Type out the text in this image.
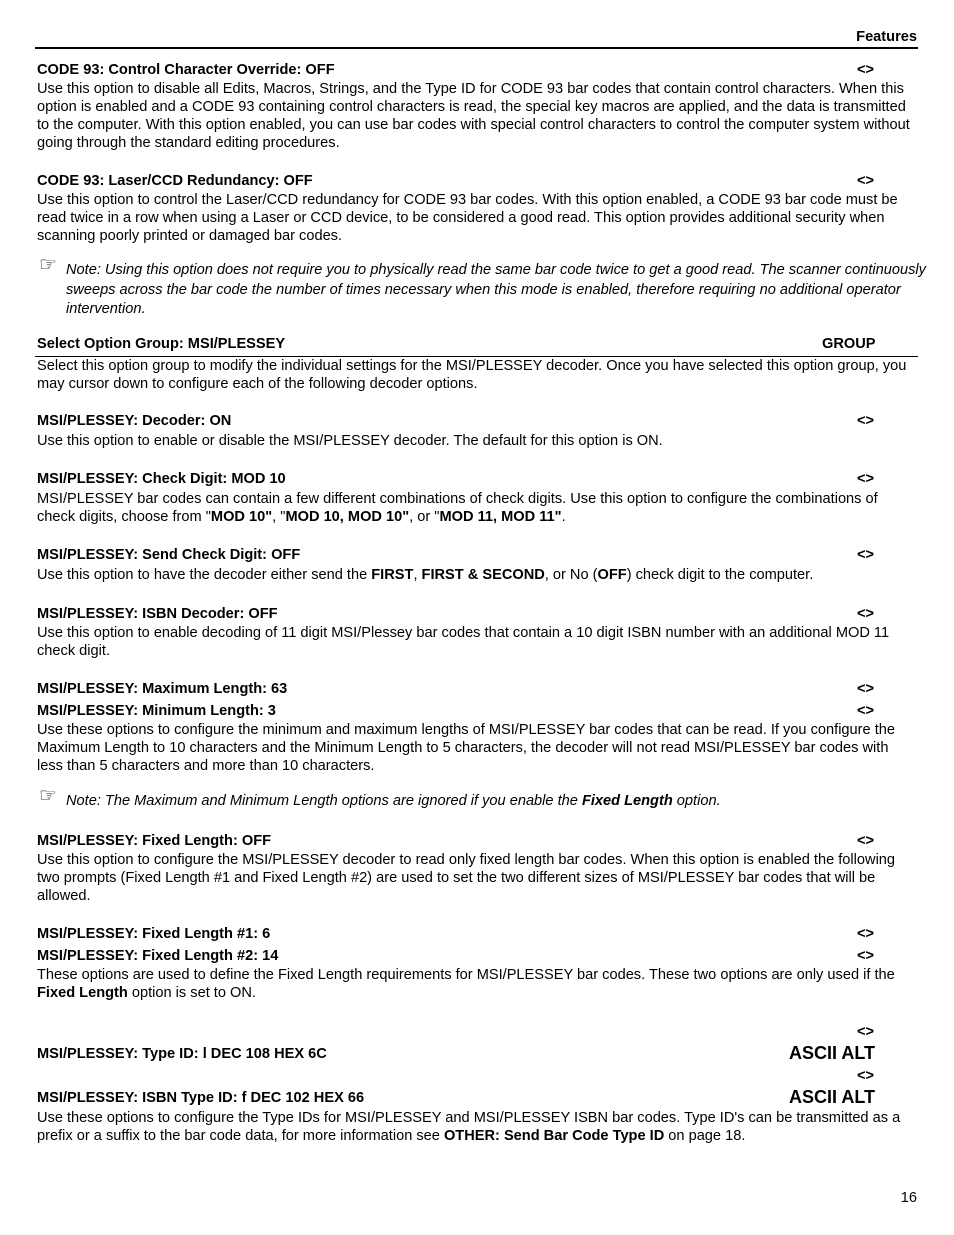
Features
CODE 93: Control Character Override: OFF	<>
Use this option to disable all Edits, Macros, Strings, and the Type ID for CODE 93 bar codes that contain control characters. When this option is enabled and a CODE 93 containing control characters is read, the special key macros are applied, and the data is transmitted to the computer. With this option enabled, you can use bar codes with special control characters to control the computer system without going through the standard editing procedures.
CODE 93: Laser/CCD Redundancy: OFF	<>
Use this option to control the Laser/CCD redundancy for CODE 93 bar codes. With this option enabled, a CODE 93 bar code must be read twice in a row when using a Laser or CCD device, to be considered a good read. This option provides additional security when scanning poorly printed or damaged bar codes.
☞ Note: Using this option does not require you to physically read the same bar code twice to get a good read. The scanner continuously sweeps across the bar code the number of times necessary when this mode is enabled, therefore requiring no additional operator intervention.
Select Option Group: MSI/PLESSEY	GROUP
Select this option group to modify the individual settings for the MSI/PLESSEY decoder. Once you have selected this option group, you may cursor down to configure each of the following decoder options.
MSI/PLESSEY: Decoder: ON	<>
Use this option to enable or disable the MSI/PLESSEY decoder. The default for this option is ON.
MSI/PLESSEY: Check Digit: MOD 10	<>
MSI/PLESSEY bar codes can contain a few different combinations of check digits. Use this option to configure the combinations of check digits, choose from "MOD 10", "MOD 10, MOD 10", or "MOD 11, MOD 11".
MSI/PLESSEY: Send Check Digit: OFF	<>
Use this option to have the decoder either send the FIRST, FIRST & SECOND, or No (OFF) check digit to the computer.
MSI/PLESSEY: ISBN Decoder: OFF	<>
Use this option to enable decoding of 11 digit MSI/Plessey bar codes that contain a 10 digit ISBN number with an additional MOD 11 check digit.
MSI/PLESSEY: Maximum Length: 63	<>
MSI/PLESSEY: Minimum Length: 3	<>
Use these options to configure the minimum and maximum lengths of MSI/PLESSEY bar codes that can be read. If you configure the Maximum Length to 10 characters and the Minimum Length to 5 characters, the decoder will not read MSI/PLESSEY bar codes with less than 5 characters and more than 10 characters.
☞ Note: The Maximum and Minimum Length options are ignored if you enable the Fixed Length option.
MSI/PLESSEY: Fixed Length: OFF	<>
Use this option to configure the MSI/PLESSEY decoder to read only fixed length bar codes. When this option is enabled the following two prompts (Fixed Length #1 and Fixed Length #2) are used to set the two different sizes of MSI/PLESSEY bar codes that will be allowed.
MSI/PLESSEY: Fixed Length #1: 6	<>
MSI/PLESSEY: Fixed Length #2: 14	<>
These options are used to define the Fixed Length requirements for MSI/PLESSEY bar codes. These two options are only used if the Fixed Length option is set to ON.
<>
MSI/PLESSEY: Type ID: l DEC 108 HEX 6C	ASCII ALT
<>
MSI/PLESSEY: ISBN Type ID: f DEC 102 HEX 66	ASCII ALT
Use these options to configure the Type IDs for MSI/PLESSEY and MSI/PLESSEY ISBN bar codes. Type ID's can be transmitted as a prefix or a suffix to the bar code data, for more information see OTHER: Send Bar Code Type ID on page 18.
16
